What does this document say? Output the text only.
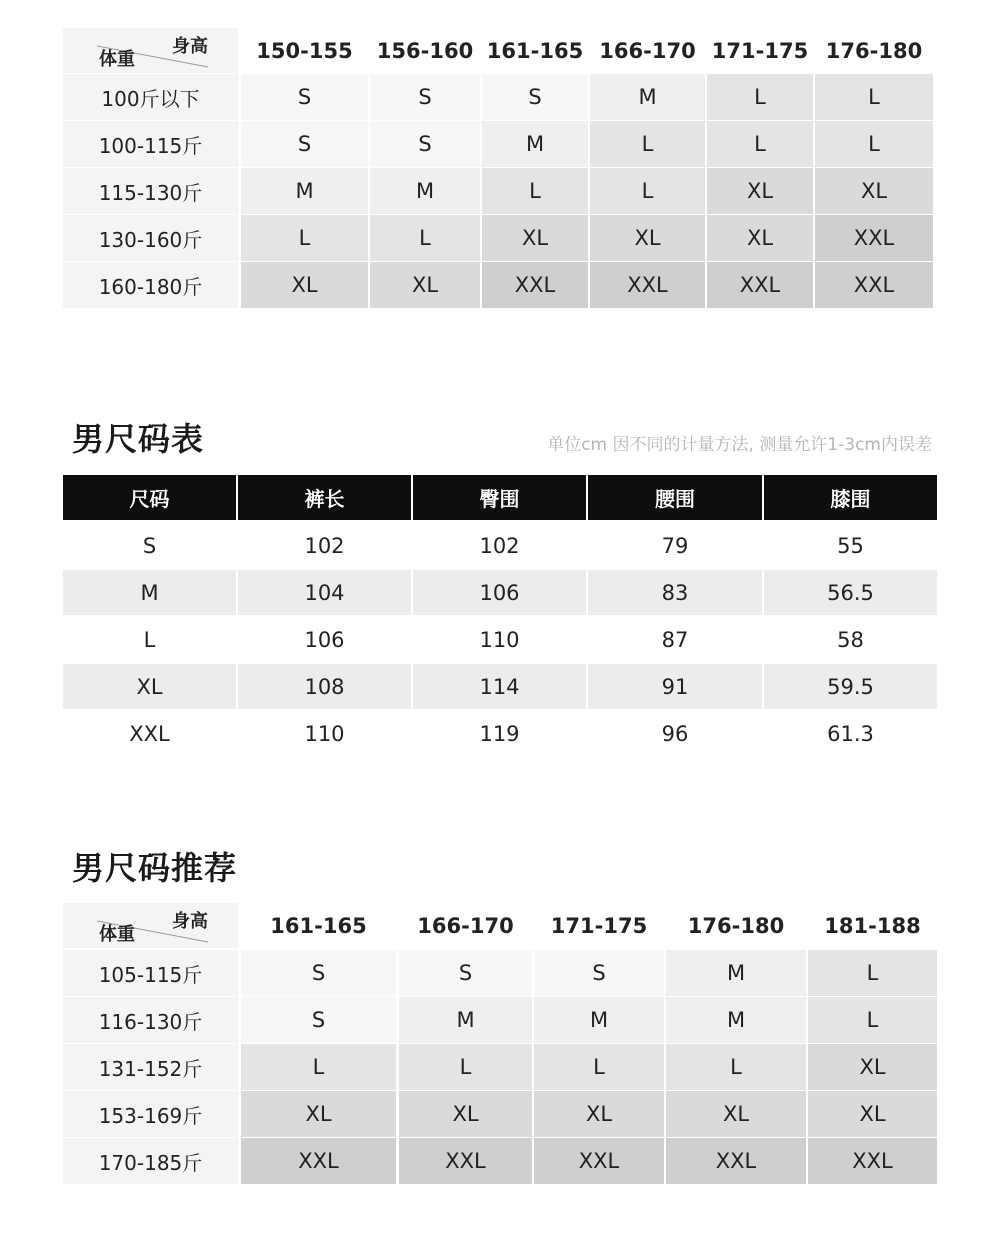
身高
体重	150-155	156-160 161-165 166-170 171-175 176-180
100斤以下	S	S	S	M	L	L
100-115斤	S	S	M	L	L	L
115-130斤	M	M	L	L	XL	XL
130-160斤	L	L	XL	XL	XL	XXL
160-180斤	XL	XL	XXL	XXL	XXL	XXL
男尺码表	单位cm 因不同的计量方法, 测量允许1-3cm内误差
尺码	裤长	臀围	腰围	膝围
S	102	102	79	55
M	104	106	83	56.5
L	106	110	87	58
XL	108	114	91	59.5
XXL	110	119	96	61.3
男尺码推荐
身高
体重	161-165	166-170	171-175	176-180	181-188
105-115斤	S	S	S	M	L
116-130斤	S	M	M	M	L
131-152斤	L	L	L	L	XL
153-169斤	XL	XL	XL	XL	XL
170-185斤	XXL	XXL	XXL	XXL	XXL
